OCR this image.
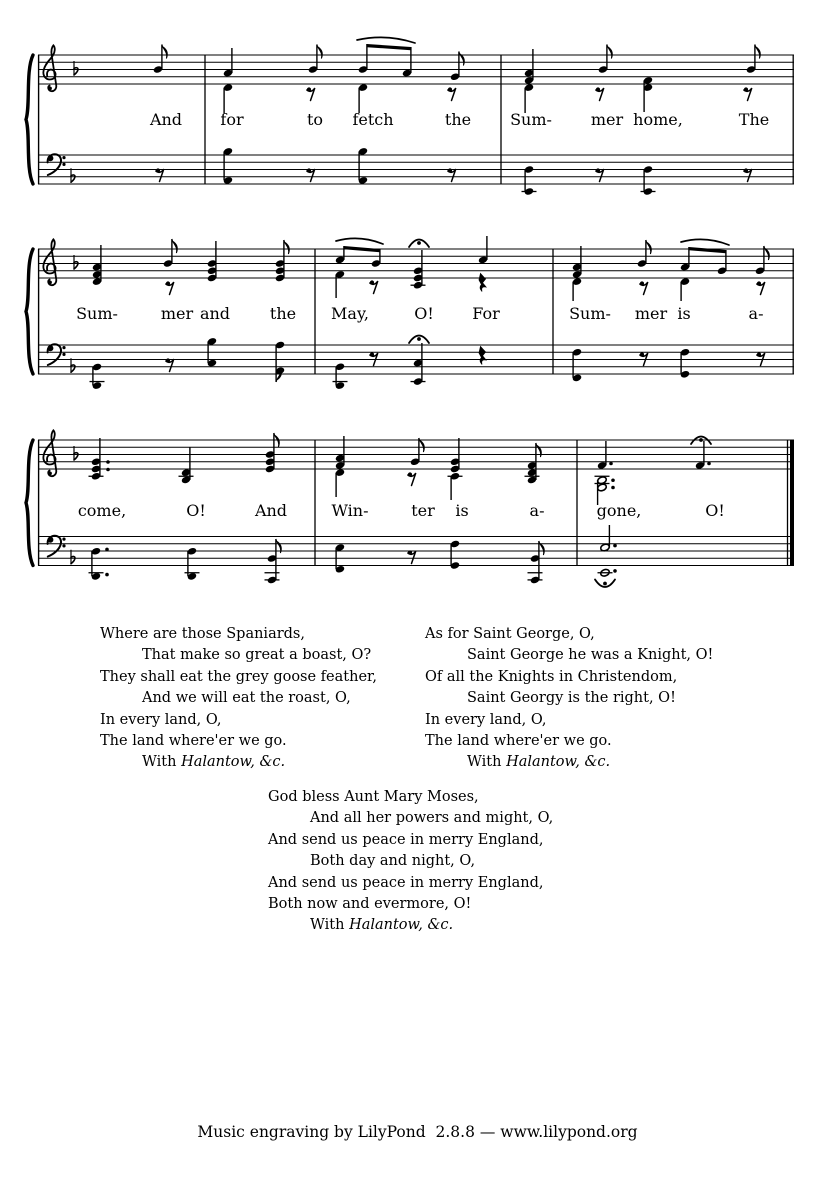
And for	to fetch	the Sum- mer home,	The
Sum-	mer and the May,	O! For	Sum- mer is	a-
come,	O!	And	Win-	ter is	a-	gone,	O!
Where are those Spaniards,
That make so great a boast, O?
They shall eat the grey goose feather,
And we will eat the roast, O,
In every land, O,
The land where'er we go.
With Halantow, &c.
As for Saint George, O,
Saint George he was a Knight, O!
Of all the Knights in Christendom,
Saint Georgy is the right, O!
In every land, O,
The land where'er we go.
With Halantow, &c.
God bless Aunt Mary Moses,
And all her powers and might, O,
And send us peace in merry England,
Both day and night, O,
And send us peace in merry England,
Both now and evermore, O!
With Halantow, &c.
Music engraving by LilyPond  2.8.8 — www.lilypond.org
